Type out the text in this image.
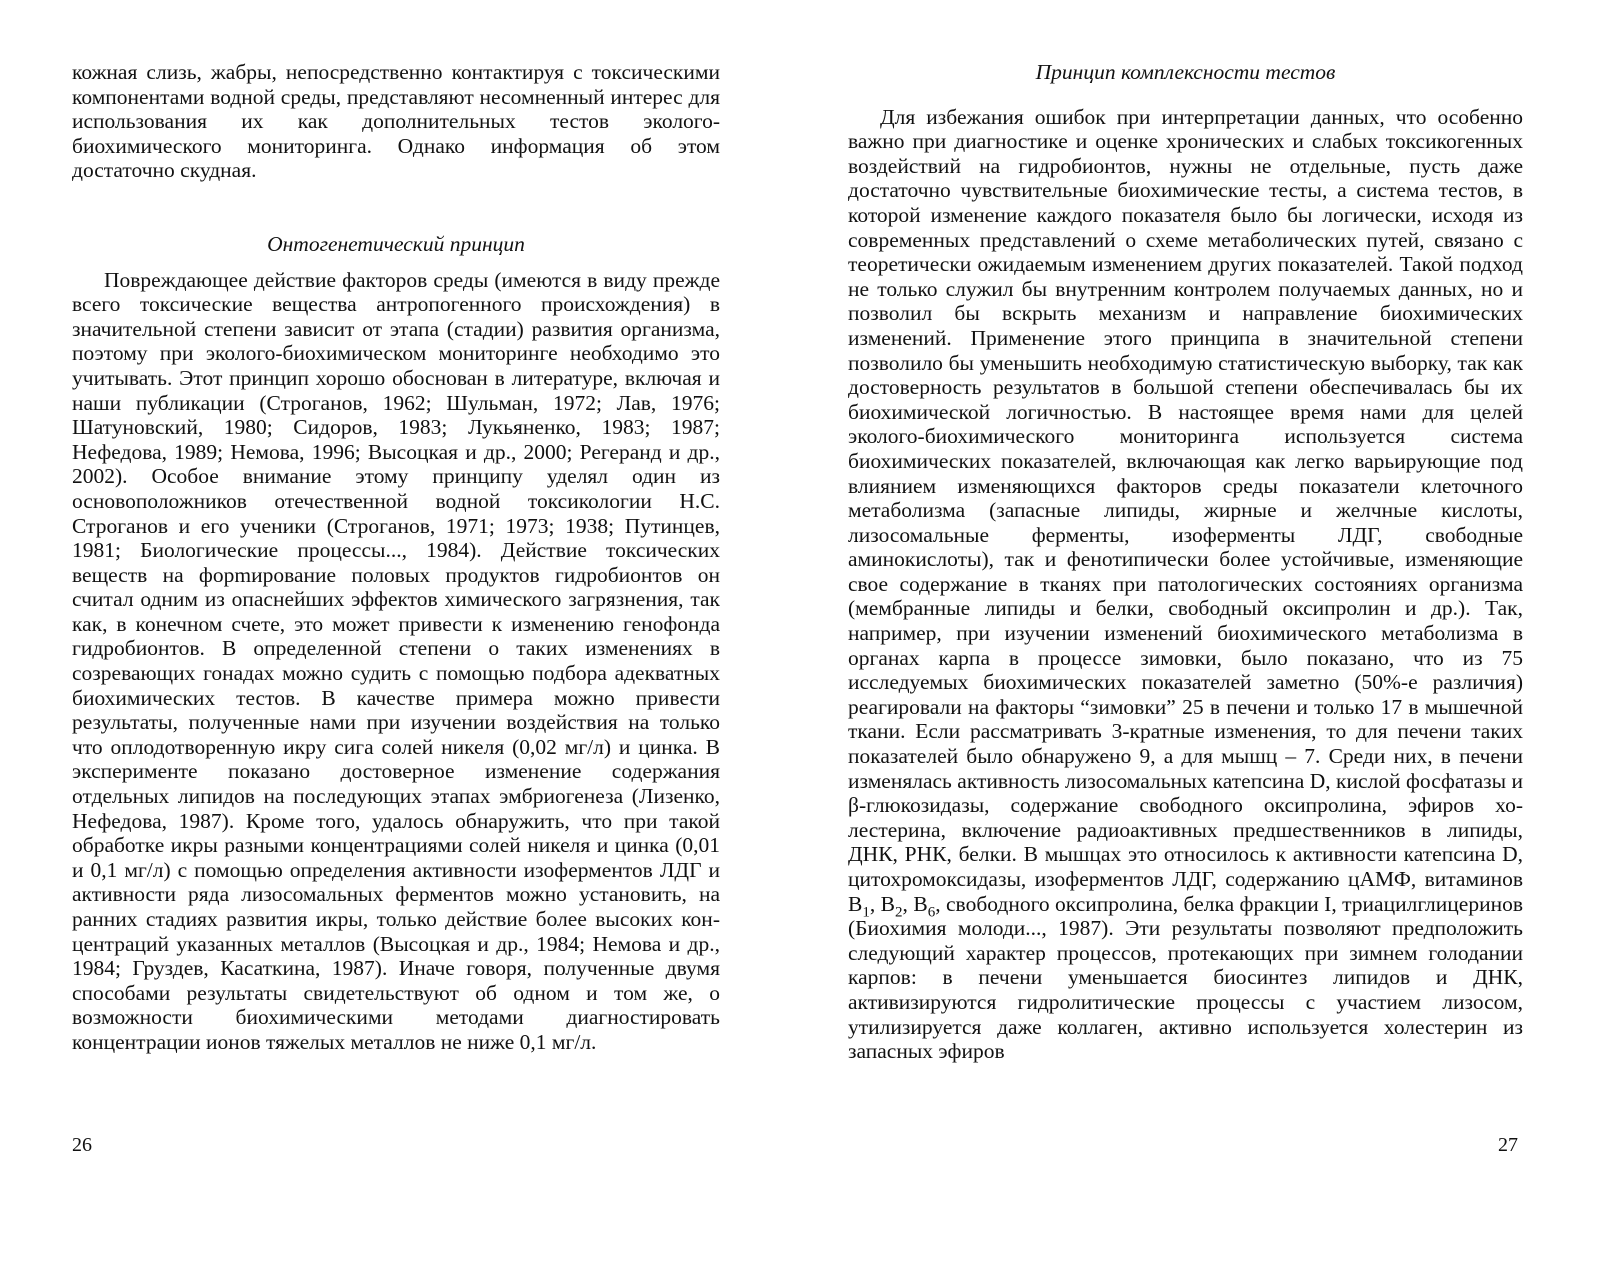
кожная слизь, жабры, непосредственно контактируя с токсическими компонентами водной среды, представляют несомненный интерес для использования их как дополнительных тестов эколого-биохимического мониторинга. Однако информация об этом достаточно скудная.

Онтогенетический принцип

Повреждающее действие факторов среды (имеются в виду прежде всего токсические вещества антропогенного происхождения) в значительной степени зависит от этапа (стадии) развития организма, поэтому при эколого-биохимическом мониторинге необходимо это учитывать. Этот принцип хорошо обоснован в литературе, включая и наши публикации (Строганов, 1962; Шульман, 1972; Лав, 1976; Шатуновский, 1980; Сидоров, 1983; Лукьяненко, 1983; 1987; Нефедова, 1989; Немова, 1996; Высоцкая и др., 2000; Регеранд и др., 2002). Особое внимание этому принципу уделял один из основоположников отечественной водной токсикологии Н.С. Строганов и его ученики (Строганов, 1971; 1973; 1938; Путинцев, 1981; Биологические процессы..., 1984). Действие токсических веществ на форmирование половых продуктов гидробионтов он считал одним из опаснейших эффектов химического загрязнения, так как, в конечном счете, это может привести к изменению генофонда гидробионтов. В определенной степени о таких изменениях в созревающих гонадах можно судить с помощью подбора адекватных биохимических тестов. В качестве примера можно привести результаты, полученные нами при изучении воздействия на только что оплодотворенную икру сига солей никеля (0,02 мг/л) и цинка. В эксперименте показано достоверное изменение содержания отдельных липидов на последующих этапах эмбриогенеза (Лизенко, Нефедова, 1987). Кроме того, удалось обнаружить, что при такой обработке икры разными концентрациями солей никеля и цинка (0,01 и 0,1 мг/л) с помощью определения активности изоферментов ЛДГ и активности ряда лизосомальных ферментов можно установить, на ранних стадиях развития икры, только действие более высоких концентраций указанных металлов (Высоцкая и др., 1984; Немова и др., 1984; Груздев, Касаткина, 1987). Иначе говоря, полученные двумя способами результаты свидетельствуют об одном и том же, о возможности биохимическими методами диагностировать концентрации ионов тяжелых металлов не ниже 0,1 мг/л.

26

Принцип комплексности тестов

Для избежания ошибок при интерпретации данных, что особенно важно при диагностике и оценке хронических и слабых токсикогенных воздействий на гидробионтов, нужны не отдельные, пусть даже достаточно чувствительные биохимические тесты, а система тестов, в которой изменение каждого показателя было бы логически, исходя из современных представлений о схеме метаболических путей, связано с теоретически ожидаемым изменением других показателей. Такой подход не только служил бы внутренним контролем получаемых данных, но и позволил бы вскрыть механизм и направление биохимических изменений. Применение этого принципа в значительной степени позволило бы уменьшить необходимую статистическую выборку, так как достоверность результатов в большой степени обеспечивалась бы их биохимической логичностью. В настоящее время нами для целей эколого-биохимического мониторинга используется система биохимических показателей, включающая как легко варьирующие под влиянием изменяющихся факторов среды показатели клеточного метаболизма (запасные липиды, жирные и желчные кислоты, лизосомальные ферменты, изоферменты ЛДГ, свободные аминокислоты), так и фенотипически более устойчивые, изменяющие свое содержание в тканях при патологических состояниях организма (мембранные липиды и белки, свободный оксипролин и др.). Так, например, при изучении изменений биохимического метаболизма в органах карпа в процессе зимовки, было показано, что из 75 исследуемых биохимических показателей заметно (50%-е различия) реагировали на факторы “зимовки” 25 в печени и только 17 в мышечной ткани. Если рассматривать 3-кратные изменения, то для печени таких показателей было обнаружено 9, а для мышц – 7. Среди них, в печени изменялась активность лизосомальных катепсина D, кислой фосфатазы и β-глюкозидазы, содержание свободного оксипролина, эфиров холестерина, включение радиоактивных предшественников в липиды, ДНК, РНК, белки. В мышцах это относилось к активности катепсина D, цитохромоксидазы, изоферментов ЛДГ, содержанию цАМФ, витаминов $B_1$, $B_2$, $B_6$, свободного оксипролина, белка фракции I, триацилглицеринов (Биохимия молоди..., 1987). Эти результаты позволяют предположить следующий характер процессов, протекающих при зимнем голодании карпов: в печени уменьшается биосинтез липидов и ДНК, активизируются гидролитические процессы с участием лизосом, утилизируется даже коллаген, активно используется холестерин из запасных эфиров

27
